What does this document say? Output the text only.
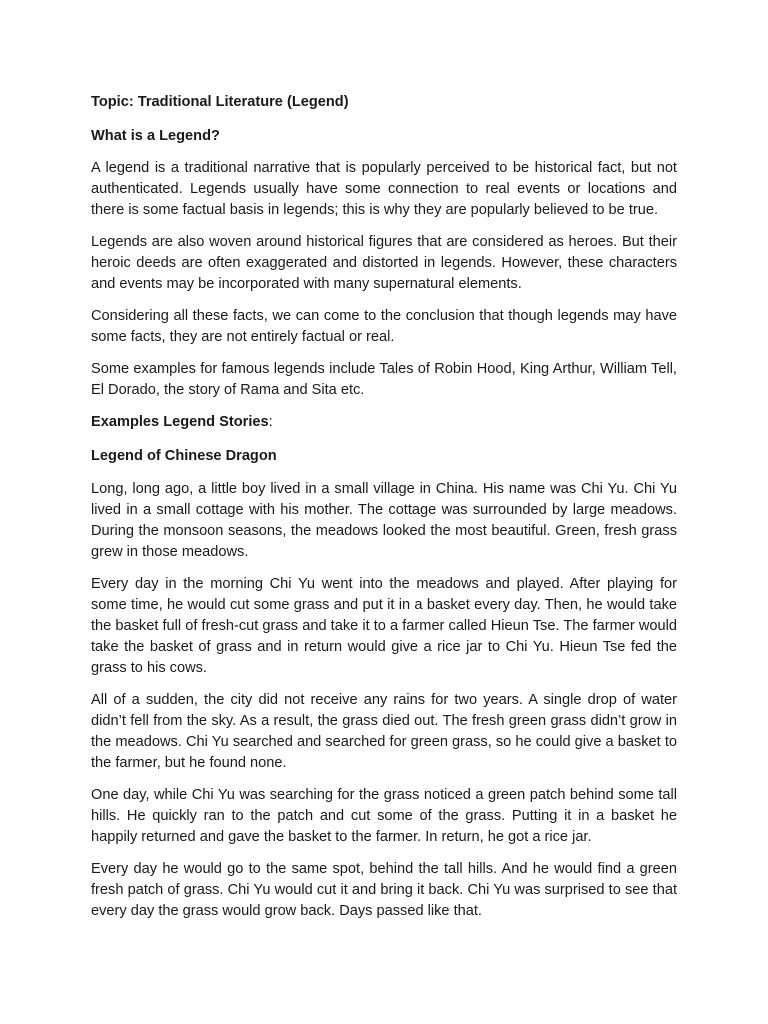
Topic: Traditional Literature (Legend)

What is a Legend?

A legend is a traditional narrative that is popularly perceived to be historical fact, but not authenticated. Legends usually have some connection to real events or locations and there is some factual basis in legends; this is why they are popularly believed to be true.

Legends are also woven around historical figures that are considered as heroes. But their heroic deeds are often exaggerated and distorted in legends. However, these characters and events may be incorporated with many supernatural elements.

Considering all these facts, we can come to the conclusion that though legends may have some facts, they are not entirely factual or real.

Some examples for famous legends include Tales of Robin Hood, King Arthur, William Tell, El Dorado, the story of Rama and Sita etc.

Examples Legend Stories:

Legend of Chinese Dragon

Long, long ago, a little boy lived in a small village in China. His name was Chi Yu. Chi Yu lived in a small cottage with his mother. The cottage was surrounded by large meadows. During the monsoon seasons, the meadows looked the most beautiful. Green, fresh grass grew in those meadows.

Every day in the morning Chi Yu went into the meadows and played. After playing for some time, he would cut some grass and put it in a basket every day. Then, he would take the basket full of fresh-cut grass and take it to a farmer called Hieun Tse. The farmer would take the basket of grass and in return would give a rice jar to Chi Yu. Hieun Tse fed the grass to his cows.

All of a sudden, the city did not receive any rains for two years. A single drop of water didn’t fell from the sky. As a result, the grass died out. The fresh green grass didn’t grow in the meadows. Chi Yu searched and searched for green grass, so he could give a basket to the farmer, but he found none.

One day, while Chi Yu was searching for the grass noticed a green patch behind some tall hills. He quickly ran to the patch and cut some of the grass. Putting it in a basket he happily returned and gave the basket to the farmer. In return, he got a rice jar.

Every day he would go to the same spot, behind the tall hills. And he would find a green fresh patch of grass. Chi Yu would cut it and bring it back. Chi Yu was surprised to see that every day the grass would grow back. Days passed like that.
